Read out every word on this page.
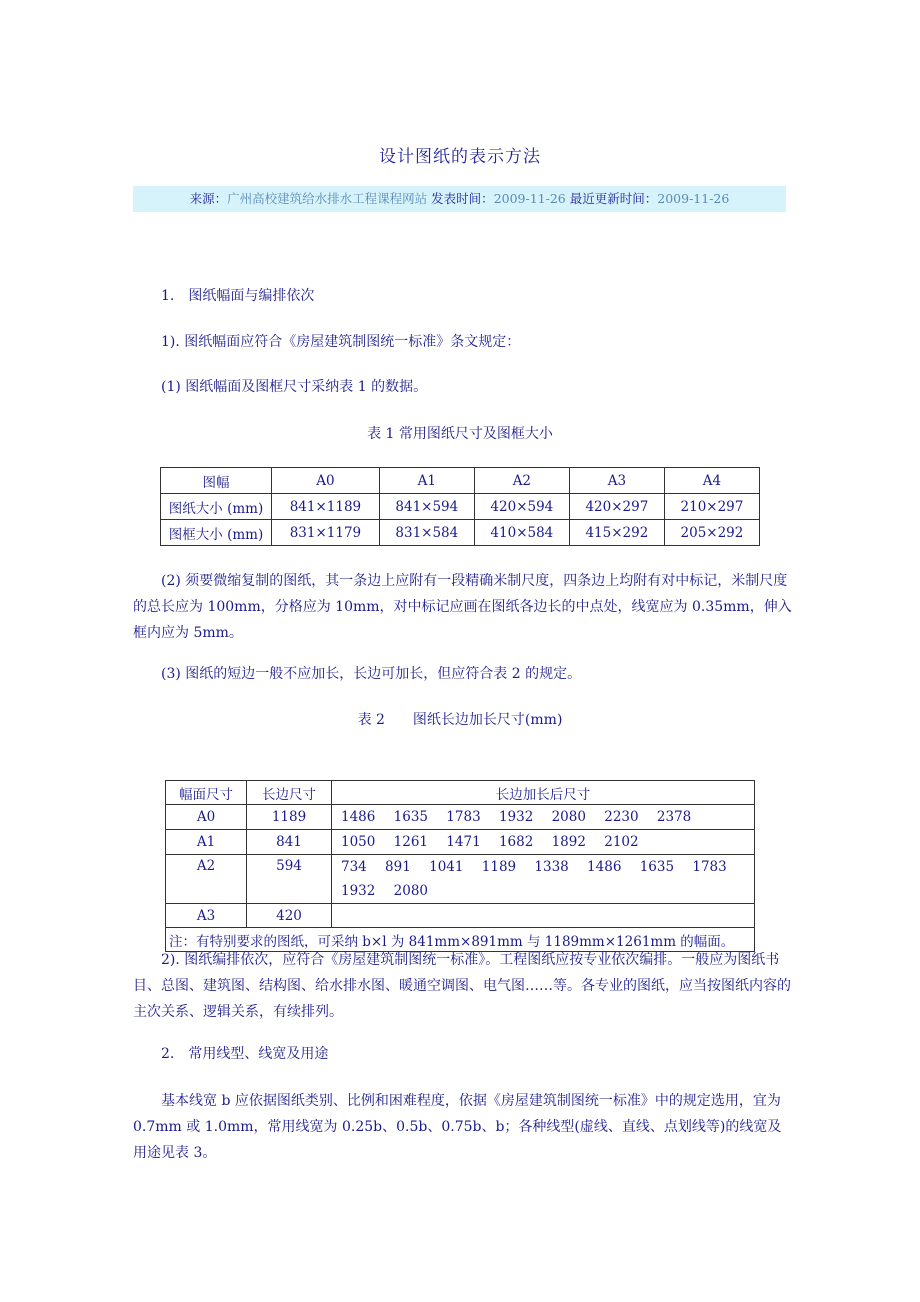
设计图纸的表示方法
来源：广州高校建筑给水排水工程课程网站 发表时间：2009-11-26 最近更新时间：2009-11-26
1.　图纸幅面与编排依次
1). 图纸幅面应符合《房屋建筑制图统一标准》条文规定：
(1) 图纸幅面及图框尺寸采纳表 1 的数据。
表 1 常用图纸尺寸及图框大小
图幅	A0	A1	A2	A3	A4
图纸大小 (mm)	841×1189	841×594	420×594	420×297	210×297
图框大小 (mm)	831×1179	831×584	410×584	415×292	205×292
(2) 须要微缩复制的图纸，其一条边上应附有一段精确米制尺度，四条边上均附有对中标记，米制尺度的总长应为 100mm，分格应为 10mm，对中标记应画在图纸各边长的中点处，线宽应为 0.35mm，伸入框内应为 5mm。
(3) 图纸的短边一般不应加长，长边可加长，但应符合表 2 的规定。
表 2　　图纸长边加长尺寸(mm)
幅面尺寸	长边尺寸	长边加长后尺寸
A0	1189	1486 1635 1783 1932 2080 2230 2378
A1	841	1050 1261 1471 1682 1892 2102
A2	594	734 891 1041 1189 1338 1486 1635 1783 1932 2080
A3	420	
注：有特别要求的图纸，可采纳 b×l 为 841mm×891mm 与 1189mm×1261mm 的幅面。		
2). 图纸编排依次，应符合《房屋建筑制图统一标准》。工程图纸应按专业依次编排。一般应为图纸书目、总图、建筑图、结构图、给水排水图、暖通空调图、电气图……等。各专业的图纸，应当按图纸内容的主次关系、逻辑关系，有续排列。
2.　常用线型、线宽及用途
基本线宽 b 应依据图纸类别、比例和困难程度，依据《房屋建筑制图统一标准》中的规定选用，宜为 0.7mm 或 1.0mm，常用线宽为 0.25b、0.5b、0.75b、b；各种线型(虚线、直线、点划线等)的线宽及用途见表 3。
